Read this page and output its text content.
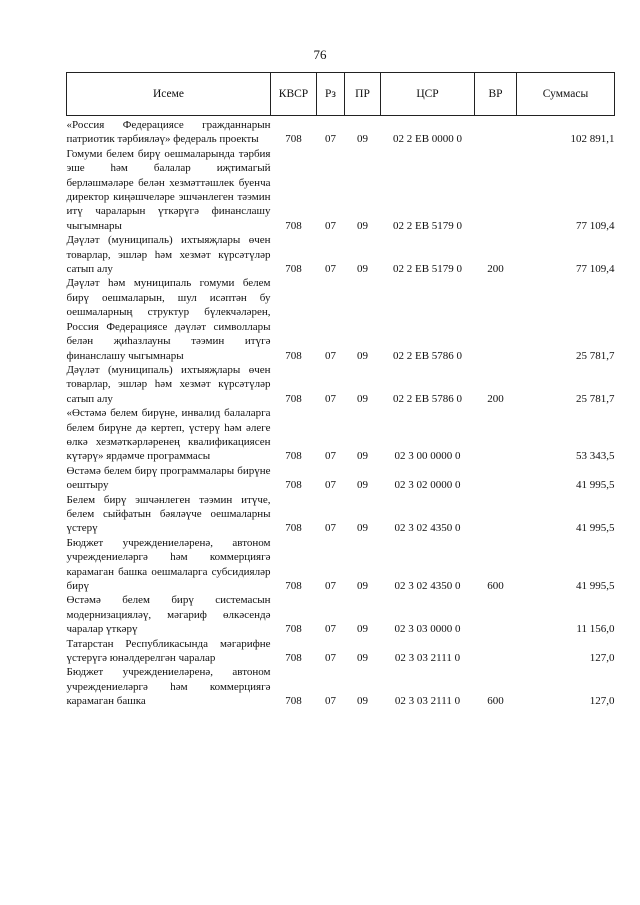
76
Исеме	КВСР	Рз	ПР	ЦСР	ВР	Суммасы
«Россия Федерациясе гражданнарын патриотик тәрбияләү» федераль проекты	708	07	09	02 2 EB 0000 0		102 891,1
Гомуми белем бирү оешмаларында тәрбия эше һәм балалар иҗтимагый берләшмәләре белән хезмәттәшлек буенча директор киңәшчеләре эшчәнлеген тәэмин итү чараларын үткәрүгә финанслашу чыгымнары	708	07	09	02 2 EB 5179 0		77 109,4
Дәүләт (муниципаль) ихтыяҗлары өчен товарлар, эшләр һәм хезмәт күрсәтүләр сатып алу	708	07	09	02 2 EB 5179 0	200	77 109,4
Дәүләт һәм муниципаль гомуми белем бирү оешмаларын, шул исәптән бу оешмаларның структур бүлекчәләрен, Россия Федерациясе дәүләт символлары белән җиһазлауны тәэмин итүгә финанслашу чыгымнары	708	07	09	02 2 EB 5786 0		25 781,7
Дәүләт (муниципаль) ихтыяҗлары өчен товарлар, эшләр һәм хезмәт күрсәтүләр сатып алу	708	07	09	02 2 EB 5786 0	200	25 781,7
«Өстәмә белем бирүне, инвалид балаларга белем бирүне дә кертеп, үстерү һәм әлеге өлкә хезмәткәрләренең квалификациясен күтәрү» ярдәмче программасы	708	07	09	02 3 00 0000 0		53 343,5
Өстәмә белем бирү программалары бирүне оештыру	708	07	09	02 3 02 0000 0		41 995,5
Белем бирү эшчәнлеген тәэмин итүче, белем сыйфатын бәяләүче оешмаларны үстерү	708	07	09	02 3 02 4350 0		41 995,5
Бюджет учреждениеләренә, автоном учреждениеләргә һәм коммерциягә карамаган башка оешмаларга субсидияләр бирү	708	07	09	02 3 02 4350 0	600	41 995,5
Өстәмә белем бирү системасын модернизацияләү, мәгариф өлкәсендә чаралар үткәрү	708	07	09	02 3 03 0000 0		11 156,0
Татарстан Республикасында мәгарифне үстерүгә юнәлдерелгән чаралар	708	07	09	02 3 03 2111 0		127,0
Бюджет учреждениеләренә, автоном учреждениеләргә һәм коммерциягә карамаган башка	708	07	09	02 3 03 2111 0	600	127,0
